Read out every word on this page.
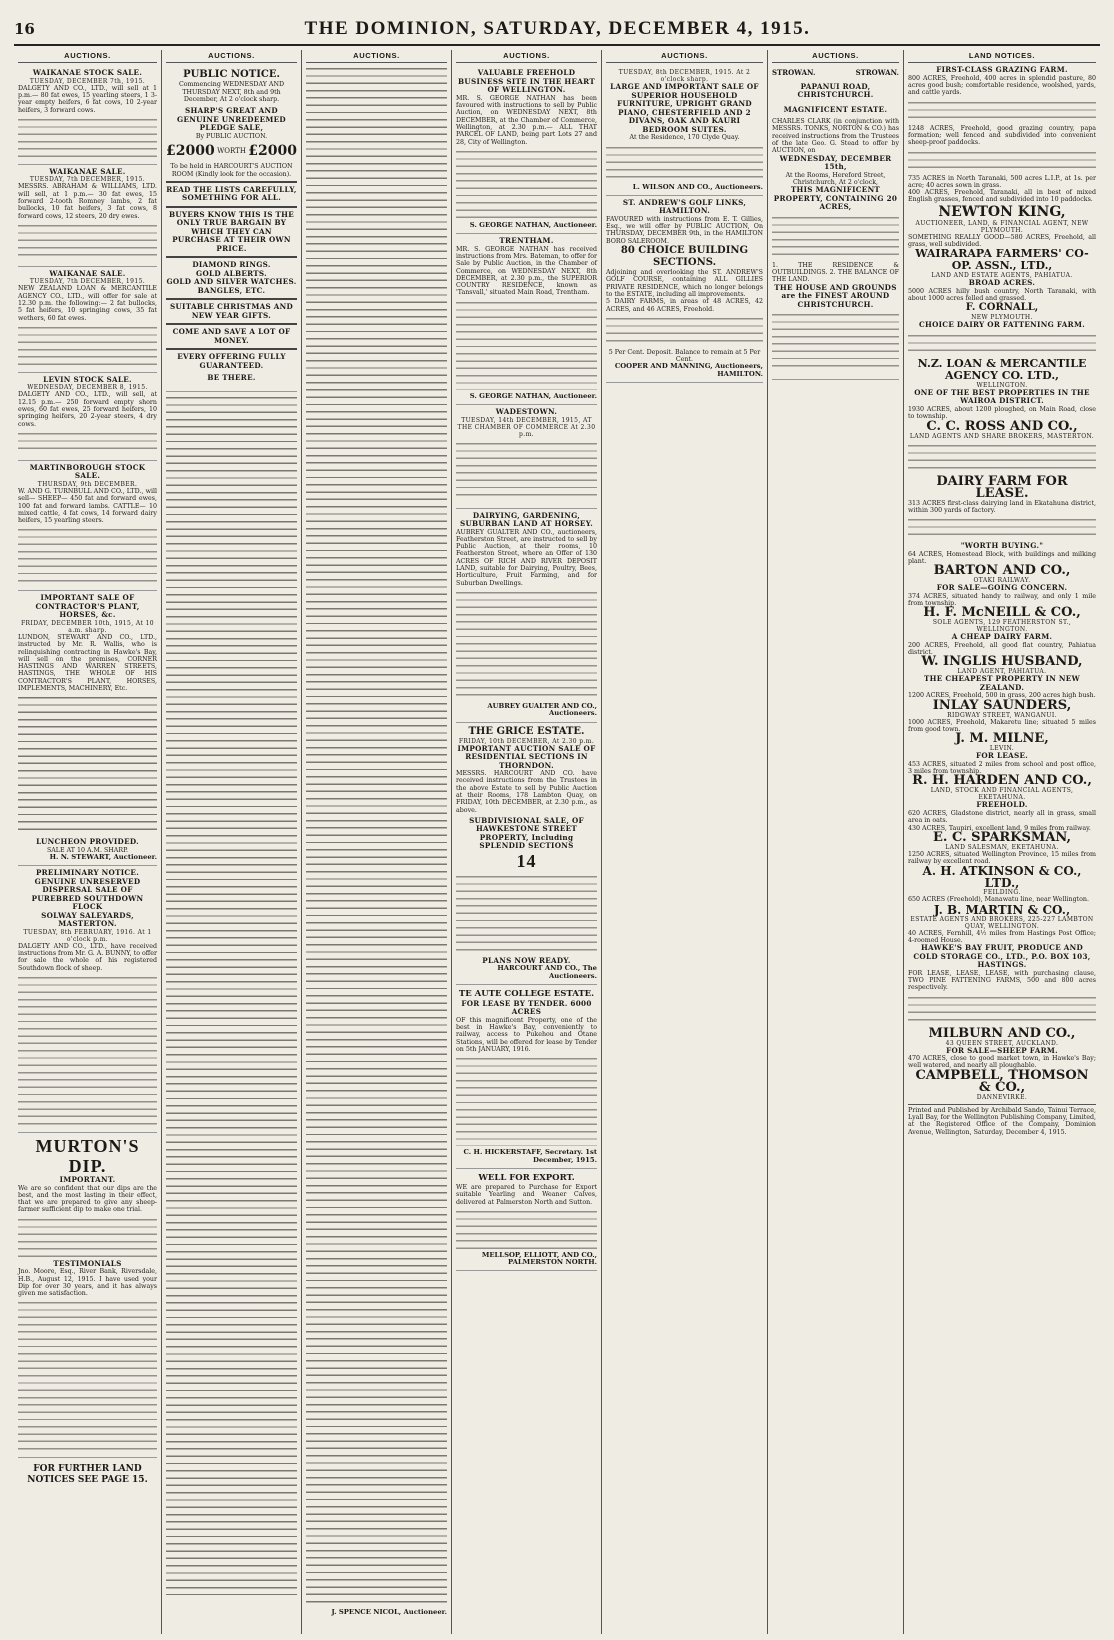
16	THE DOMINION, SATURDAY, DECEMBER 4, 1915.
AUCTIONS.
WAIKANAE STOCK SALE.
TUESDAY, DECEMBER 7th, 1915.
DALGETY AND CO., LTD., will sell at 1 p.m.— 80 fat ewes, 15 yearling steers, 1 3-year empty heifers, 6 fat cows, 10 2-year heifers, 3 forward cows.
WAIKANAE SALE.
TUESDAY, 7th DECEMBER, 1915.
MESSRS. ABRAHAM & WILLIAMS, LTD. will sell, at 1 p.m.— 30 fat ewes, 15 forward 2-tooth Romney lambs, 2 fat bullocks, 10 fat heifers, 3 fat cows, 8 forward cows, 12 steers, 20 dry ewes.
WAIKANAE SALE.
TUESDAY, 7th DECEMBER, 1915.
NEW ZEALAND LOAN & MERCANTILE AGENCY CO., LTD., will offer for sale at 12.30 p.m. the following:— 2 fat bullocks, 5 fat heifers, 10 springing cows, 35 fat wethers, 60 fat ewes.
LEVIN STOCK SALE.
WEDNESDAY, DECEMBER 8, 1915.
DALGETY AND CO., LTD., will sell, at 12.15 p.m.— 250 forward empty shorn ewes, 60 fat ewes, 25 forward heifers, 10 springing heifers, 20 2-year steers, 4 dry cows.
MARTINBOROUGH STOCK SALE.
THURSDAY, 9th DECEMBER.
W. AND G. TURNBULL AND CO., LTD., will sell— SHEEP— 450 fat and forward ewes, 100 fat and forward lambs. CATTLE— 10 mixed cattle, 4 fat cows, 14 forward dairy heifers, 15 yearling steers.
IMPORTANT SALE OF CONTRACTOR'S PLANT, HORSES, &c.
FRIDAY, DECEMBER 10th, 1915, At 10 a.m. sharp.
LUNDON, STEWART AND CO., LTD., instructed by Mr. R. Wallis, who is relinquishing contracting in Hawke's Bay, will sell on the premises, CORNER HASTINGS AND WARREN STREETS, HASTINGS, THE WHOLE OF HIS CONTRACTOR'S PLANT, HORSES, IMPLEMENTS, MACHINERY, Etc.
LUNCHEON PROVIDED.
SALE AT 10 A.M. SHARP.
H. N. STEWART, Auctioneer.
PRELIMINARY NOTICE. GENUINE UNRESERVED DISPERSAL SALE OF PUREBRED SOUTHDOWN FLOCK
SOLWAY SALEYARDS, MASTERTON.
TUESDAY, 8th FEBRUARY, 1916. At 1 o'clock p.m.
DALGETY AND CO., LTD., have received instructions from Mr. G. A. BUNNY, to offer for sale the whole of his registered Southdown flock of sheep.
MURTON'S DIP.
IMPORTANT.
We are so confident that our dips are the best, and the most lasting in their effect, that we are prepared to give any sheep-farmer sufficient dip to make one trial.
TESTIMONIALS
Jno. Moore, Esq., River Bank, Riversdale, H.B., August 12, 1915. I have used your Dip for over 30 years, and it has always given me satisfaction.
FOR FURTHER LAND NOTICES SEE PAGE 15.
AUCTIONS.
PUBLIC NOTICE.
Commencing WEDNESDAY AND THURSDAY NEXT, 8th and 9th December, At 2 o'clock sharp.
SHARP'S GREAT AND GENUINE UNREDEEMED PLEDGE SALE,
By PUBLIC AUCTION.
£2000 WORTH £2000
To be held in HARCOURT'S AUCTION ROOM (Kindly look for the occasion).
READ THE LISTS CAREFULLY, SOMETHING FOR ALL.
BUYERS KNOW THIS IS THE ONLY TRUE BARGAIN BY WHICH THEY CAN PURCHASE AT THEIR OWN PRICE.
DIAMOND RINGS.
GOLD ALBERTS.
GOLD AND SILVER WATCHES.
BANGLES, ETC.
SUITABLE CHRISTMAS AND NEW YEAR GIFTS.
COME AND SAVE A LOT OF MONEY.
EVERY OFFERING FULLY GUARANTEED.
BE THERE.
AUCTIONS.
J. SPENCE NICOL, Auctioneer.
AUCTIONS.
VALUABLE FREEHOLD BUSINESS SITE IN THE HEART OF WELLINGTON.
MR. S. GEORGE NATHAN has been favoured with instructions to sell by Public Auction, on WEDNESDAY NEXT, 8th DECEMBER, at the Chamber of Commerce, Wellington, at 2.30 p.m.— ALL THAT PARCEL OF LAND, being part Lots 27 and 28, City of Wellington.
S. GEORGE NATHAN, Auctioneer.
TRENTHAM.
MR. S. GEORGE NATHAN has received instructions from Mrs. Bateman, to offer for Sale by Public Auction, in the Chamber of Commerce, on WEDNESDAY NEXT, 8th DECEMBER, at 2.30 p.m., the SUPERIOR COUNTRY RESIDENCE, known as 'Tansvall,' situated Main Road, Trentham.
S. GEORGE NATHAN, Auctioneer.
WADESTOWN.
TUESDAY, 14th DECEMBER, 1915, AT THE CHAMBER OF COMMERCE At 2.30 p.m.
DAIRYING, GARDENING, SUBURBAN LAND AT HORSEY.
AUBREY GUALTER AND CO., auctioneers, Featherston Street, are instructed to sell by Public Auction, at their rooms, 10 Featherston Street, where an Offer of 130 ACRES OF RICH AND RIVER DEPOSIT LAND, suitable for Dairying, Poultry, Bees, Horticulture, Fruit Farming, and for Suburban Dwellings.
AUBREY GUALTER AND CO., Auctioneers.
THE GRICE ESTATE.
FRIDAY, 10th DECEMBER, At 2.30 p.m.
IMPORTANT AUCTION SALE OF RESIDENTIAL SECTIONS IN THORNDON.
MESSRS. HARCOURT AND CO. have received instructions from the Trustees in the above Estate to sell by Public Auction at their Rooms, 178 Lambton Quay, on FRIDAY, 10th DECEMBER, at 2.30 p.m., as above.
SUBDIVISIONAL SALE, OF HAWKESTONE STREET PROPERTY, Including SPLENDID SECTIONS
14
PLANS NOW READY.
HARCOURT AND CO., The Auctioneers.
TE AUTE COLLEGE ESTATE.
FOR LEASE BY TENDER. 6000 ACRES
OF this magnificent Property, one of the best in Hawke's Bay, conveniently to railway, access to Pukehou and Otane Stations, will be offered for lease by Tender on 5th JANUARY, 1916.
C. H. HICKERSTAFF, Secretary. 1st December, 1915.
WELL FOR EXPORT.
WE are prepared to Purchase for Export suitable Yearling and Weaner Calves, delivered at Palmerston North and Sutton.
MELLSOP, ELLIOTT, AND CO., PALMERSTON NORTH.
AUCTIONS.
TUESDAY, 8th DECEMBER, 1915. At 2 o'clock sharp.
LARGE AND IMPORTANT SALE OF SUPERIOR HOUSEHOLD FURNITURE, UPRIGHT GRAND PIANO, CHESTERFIELD AND 2 DIVANS, OAK AND KAURI BEDROOM SUITES.
At the Residence, 170 Clyde Quay.
L. WILSON AND CO., Auctioneers.
ST. ANDREW'S GOLF LINKS, HAMILTON.
FAVOURED with instructions from E. T. Gillies, Esq., we will offer by PUBLIC AUCTION, On THURSDAY, DECEMBER 9th, in the HAMILTON BORO SALEROOM.
80 CHOICE BUILDING SECTIONS.
Adjoining and overlooking the ST. ANDREW'S GOLF COURSE, containing ALL GILLIES PRIVATE RESIDENCE, which no longer belongs to the ESTATE, including all improvements.
5 DAIRY FARMS, in areas of 48 ACRES, 42 ACRES, and 46 ACRES, Freehold.
5 Per Cent. Deposit. Balance to remain at 5 Per Cent.
COOPER AND MANNING, Auctioneers, HAMILTON.
AUCTIONS.
STROWAN.	STROWAN.
PAPANUI ROAD, CHRISTCHURCH.
MAGNIFICENT ESTATE.
CHARLES CLARK (in conjunction with MESSRS. TONKS, NORTON & CO.) has received instructions from the Trustees of the late Geo. G. Stead to offer by AUCTION, on
WEDNESDAY, DECEMBER 15th,
At the Rooms, Hereford Street, Christchurch, At 2 o'clock,
THIS MAGNIFICENT PROPERTY, CONTAINING 20 ACRES,
1. THE RESIDENCE & OUTBUILDINGS. 2. THE BALANCE OF THE LAND.
THE HOUSE AND GROUNDS are the FINEST AROUND CHRISTCHURCH.
LAND NOTICES.
FIRST-CLASS GRAZING FARM.
800 ACRES, Freehold, 400 acres in splendid pasture, 80 acres good bush; comfortable residence, woolshed, yards, and cattle yards.
1248 ACRES, Freehold, good grazing country, papa formation; well fenced and subdivided into convenient sheep-proof paddocks.
735 ACRES in North Taranaki, 500 acres L.I.P., at 1s. per acre; 40 acres sown in grass.
400 ACRES, Freehold, Taranaki, all in best of mixed English grasses, fenced and subdivided into 10 paddocks.
NEWTON KING,
AUCTIONEER, LAND, & FINANCIAL AGENT, NEW PLYMOUTH.
SOMETHING REALLY GOOD—580 ACRES, Freehold, all grass, well subdivided.
WAIRARAPA FARMERS' CO-OP. ASSN., LTD.,
LAND AND ESTATE AGENTS, PAHIATUA.
BROAD ACRES.
5000 ACRES hilly bush country, North Taranaki, with about 1000 acres felled and grassed.
F. CORNALL,
NEW PLYMOUTH.
CHOICE DAIRY OR FATTENING FARM.
N.Z. LOAN & MERCANTILE AGENCY CO. LTD.,
WELLINGTON.
ONE OF THE BEST PROPERTIES IN THE WAIROA DISTRICT.
1930 ACRES, about 1200 ploughed, on Main Road, close to township.
C. C. ROSS AND CO.,
LAND AGENTS AND SHARE BROKERS, MASTERTON.
DAIRY FARM FOR LEASE.
313 ACRES first-class dairying land in Ekatahuna district, within 300 yards of factory.
"WORTH BUYING."
64 ACRES, Homestead Block, with buildings and milking plant.
BARTON AND CO.,
OTAKI RAILWAY.
FOR SALE—GOING CONCERN.
374 ACRES, situated handy to railway, and only 1 mile from township.
H. F. McNEILL & CO.,
SOLE AGENTS, 129 FEATHERSTON ST., WELLINGTON.
A CHEAP DAIRY FARM.
200 ACRES, Freehold, all good flat country, Pahiatua district.
W. INGLIS HUSBAND,
LAND AGENT, PAHIATUA.
THE CHEAPEST PROPERTY IN NEW ZEALAND.
1200 ACRES, Freehold, 500 in grass, 200 acres high bush.
INLAY SAUNDERS,
RIDGWAY STREET, WANGANUI.
1000 ACRES, Freehold, Makaretu line; situated 5 miles from good town.
J. M. MILNE,
LEVIN.
FOR LEASE.
453 ACRES, situated 2 miles from school and post office, 3 miles from township.
R. H. HARDEN AND CO.,
LAND, STOCK AND FINANCIAL AGENTS, EKETAHUNA.
FREEHOLD.
620 ACRES, Gladstone district, nearly all in grass, small area in oats.
430 ACRES, Taupiri, excellent land, 9 miles from railway.
E. C. SPARKSMAN,
LAND SALESMAN, EKETAHUNA.
1250 ACRES, situated Wellington Province, 15 miles from railway by excellent road.
A. H. ATKINSON & CO., LTD.,
FEILDING.
650 ACRES (Freehold), Manawatu line, near Wellington.
J. B. MARTIN & CO.,
ESTATE AGENTS AND BROKERS, 225-227 LAMBTON QUAY, WELLINGTON.
40 ACRES, Fernhill, 4½ miles from Hastings Post Office; 4-roomed House.
HAWKE'S BAY FRUIT, PRODUCE AND COLD STORAGE CO., LTD., P.O. BOX 103, HASTINGS.
FOR LEASE, LEASE, LEASE, with purchasing clause, TWO PINE FATTENING FARMS, 500 and 800 acres respectively.
MILBURN AND CO.,
43 QUEEN STREET, AUCKLAND.
FOR SALE—SHEEP FARM.
470 ACRES, close to good market town, in Hawke's Bay; well watered, and nearly all ploughable.
CAMPBELL, THOMSON & CO.,
DANNEVIRKE.
Printed and Published by Archibald Sando, Tainui Terrace, Lyall Bay, for the Wellington Publishing Company, Limited, at the Registered Office of the Company, Dominion Avenue, Wellington, Saturday, December 4, 1915.
